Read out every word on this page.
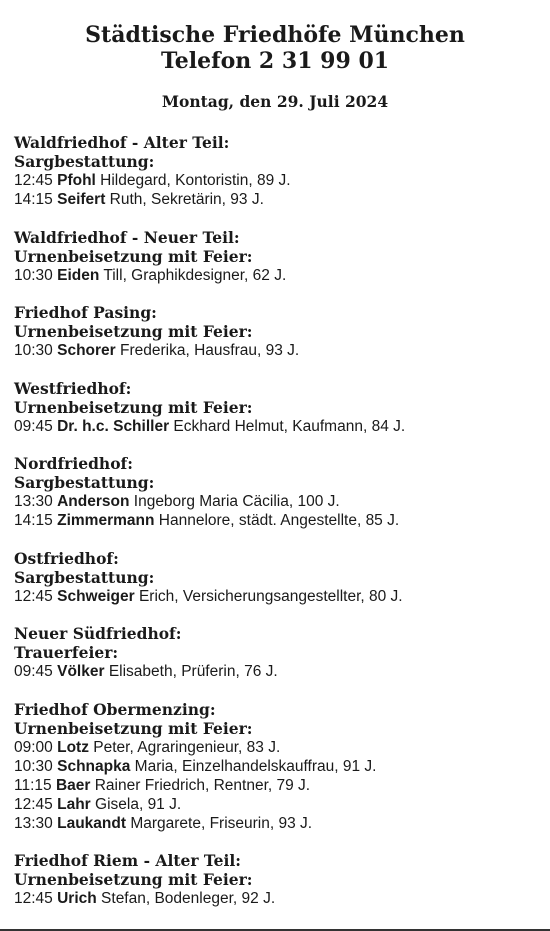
Städtische Friedhöfe München
Telefon 2 31 99 01
Montag, den 29. Juli 2024
Waldfriedhof - Alter Teil:
Sargbestattung:
12:45 Pfohl Hildegard, Kontoristin, 89 J.
14:15 Seifert Ruth, Sekretärin, 93 J.
Waldfriedhof - Neuer Teil:
Urnenbeisetzung mit Feier:
10:30 Eiden Till, Graphikdesigner, 62 J.
Friedhof Pasing:
Urnenbeisetzung mit Feier:
10:30 Schorer Frederika, Hausfrau, 93 J.
Westfriedhof:
Urnenbeisetzung mit Feier:
09:45 Dr. h.c. Schiller Eckhard Helmut, Kaufmann, 84 J.
Nordfriedhof:
Sargbestattung:
13:30 Anderson Ingeborg Maria Cäcilia, 100 J.
14:15 Zimmermann Hannelore, städt. Angestellte, 85 J.
Ostfriedhof:
Sargbestattung:
12:45 Schweiger Erich, Versicherungsangestellter, 80 J.
Neuer Südfriedhof:
Trauerfeier:
09:45 Völker Elisabeth, Prüferin, 76 J.
Friedhof Obermenzing:
Urnenbeisetzung mit Feier:
09:00 Lotz Peter, Agraringenieur, 83 J.
10:30 Schnapka Maria, Einzelhandelskauffrau, 91 J.
11:15 Baer Rainer Friedrich, Rentner, 79 J.
12:45 Lahr Gisela, 91 J.
13:30 Laukandt Margarete, Friseurin, 93 J.
Friedhof Riem - Alter Teil:
Urnenbeisetzung mit Feier:
12:45 Urich Stefan, Bodenleger, 92 J.
